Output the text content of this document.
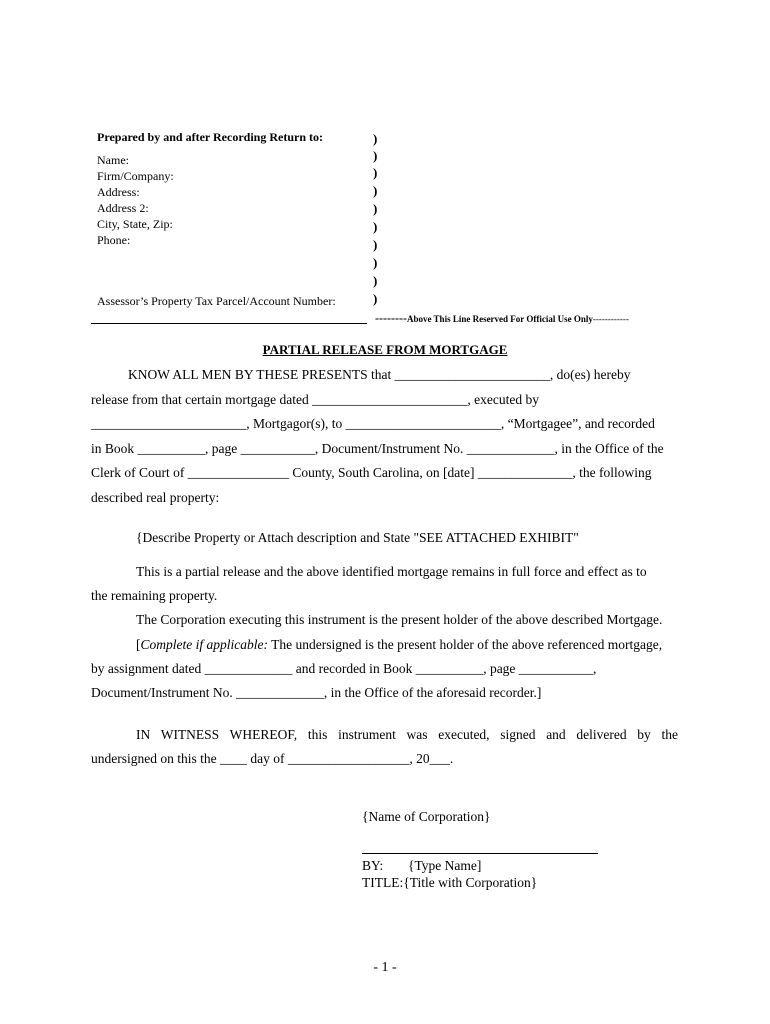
Prepared by and after Recording Return to:
Name:
Firm/Company:
Address:
Address 2:
City, State, Zip:
Phone:
)
)
)
)
)
)
)
)
)
)
Assessor’s Property Tax Parcel/Account Number:
--------Above This Line Reserved For Official Use Only------------
PARTIAL RELEASE FROM MORTGAGE
KNOW ALL MEN BY THESE PRESENTS that _______________________, do(es) hereby
release from that certain mortgage dated _______________________, executed by
_______________________, Mortgagor(s), to _______________________, “Mortgagee”, and recorded
in Book __________, page ___________, Document/Instrument No. _____________, in the Office of the
Clerk of Court of _______________ County, South Carolina, on [date] ______________, the following
described real property:
{Describe Property or Attach description and State "SEE ATTACHED EXHIBIT"
This is a partial release and the above identified mortgage remains in full force and effect as to
the remaining property.
The Corporation executing this instrument is the present holder of the above described Mortgage.
[Complete if applicable: The undersigned is the present holder of the above referenced mortgage,
by assignment dated _____________ and recorded in Book __________, page ___________,
Document/Instrument No. _____________, in the Office of the aforesaid recorder.]
IN WITNESS WHEREOF, this instrument was executed, signed and delivered by the
undersigned on this the ____ day of __________________, 20___.
{Name of Corporation}
BY: {Type Name]
TITLE:{Title with Corporation}
- 1 -
